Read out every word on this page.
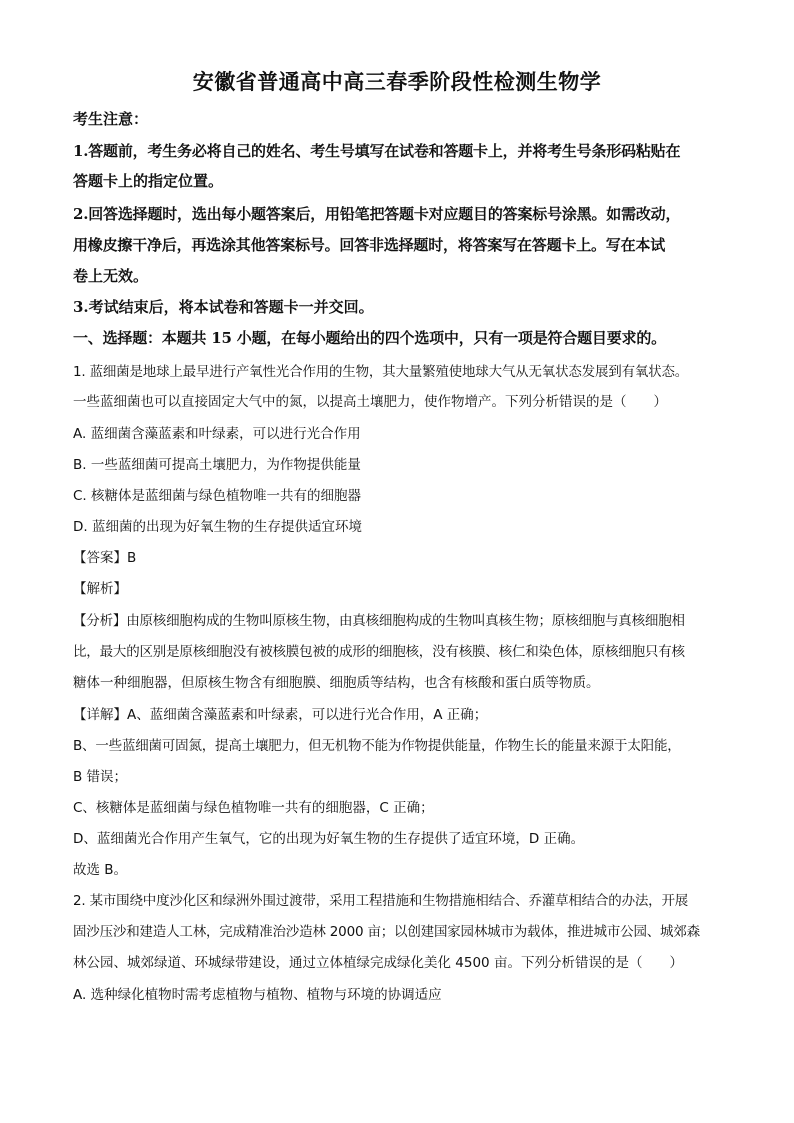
安徽省普通高中高三春季阶段性检测生物学
考生注意：
1.答题前，考生务必将自己的姓名、考生号填写在试卷和答题卡上，并将考生号条形码粘贴在
答题卡上的指定位置。
2.回答选择题时，选出每小题答案后，用铅笔把答题卡对应题目的答案标号涂黑。如需改动，
用橡皮擦干净后，再选涂其他答案标号。回答非选择题时，将答案写在答题卡上。写在本试
卷上无效。
3.考试结束后，将本试卷和答题卡一并交回。
一、选择题：本题共 15 小题，在每小题给出的四个选项中，只有一项是符合题目要求的。
1. 蓝细菌是地球上最早进行产氧性光合作用的生物，其大量繁殖使地球大气从无氧状态发展到有氧状态。
一些蓝细菌也可以直接固定大气中的氮，以提高土壤肥力，使作物增产。下列分析错误的是（　　）
A. 蓝细菌含藻蓝素和叶绿素，可以进行光合作用
B. 一些蓝细菌可提高土壤肥力，为作物提供能量
C. 核糖体是蓝细菌与绿色植物唯一共有的细胞器
D. 蓝细菌的出现为好氧生物的生存提供适宜环境
【答案】B
【解析】
【分析】由原核细胞构成的生物叫原核生物，由真核细胞构成的生物叫真核生物；原核细胞与真核细胞相
比，最大的区别是原核细胞没有被核膜包被的成形的细胞核，没有核膜、核仁和染色体，原核细胞只有核
糖体一种细胞器，但原核生物含有细胞膜、细胞质等结构，也含有核酸和蛋白质等物质。
【详解】A、蓝细菌含藻蓝素和叶绿素，可以进行光合作用，A 正确；
B、一些蓝细菌可固氮，提高土壤肥力，但无机物不能为作物提供能量，作物生长的能量来源于太阳能，
B 错误；
C、核糖体是蓝细菌与绿色植物唯一共有的细胞器，C 正确；
D、蓝细菌光合作用产生氧气，它的出现为好氧生物的生存提供了适宜环境，D 正确。
故选 B。
2. 某市围绕中度沙化区和绿洲外围过渡带，采用工程措施和生物措施相结合、乔灌草相结合的办法，开展
固沙压沙和建造人工林，完成精准治沙造林 2000 亩；以创建国家园林城市为载体，推进城市公园、城郊森
林公园、城郊绿道、环城绿带建设，通过立体植绿完成绿化美化 4500 亩。下列分析错误的是（　　）
A. 选种绿化植物时需考虑植物与植物、植物与环境的协调适应
